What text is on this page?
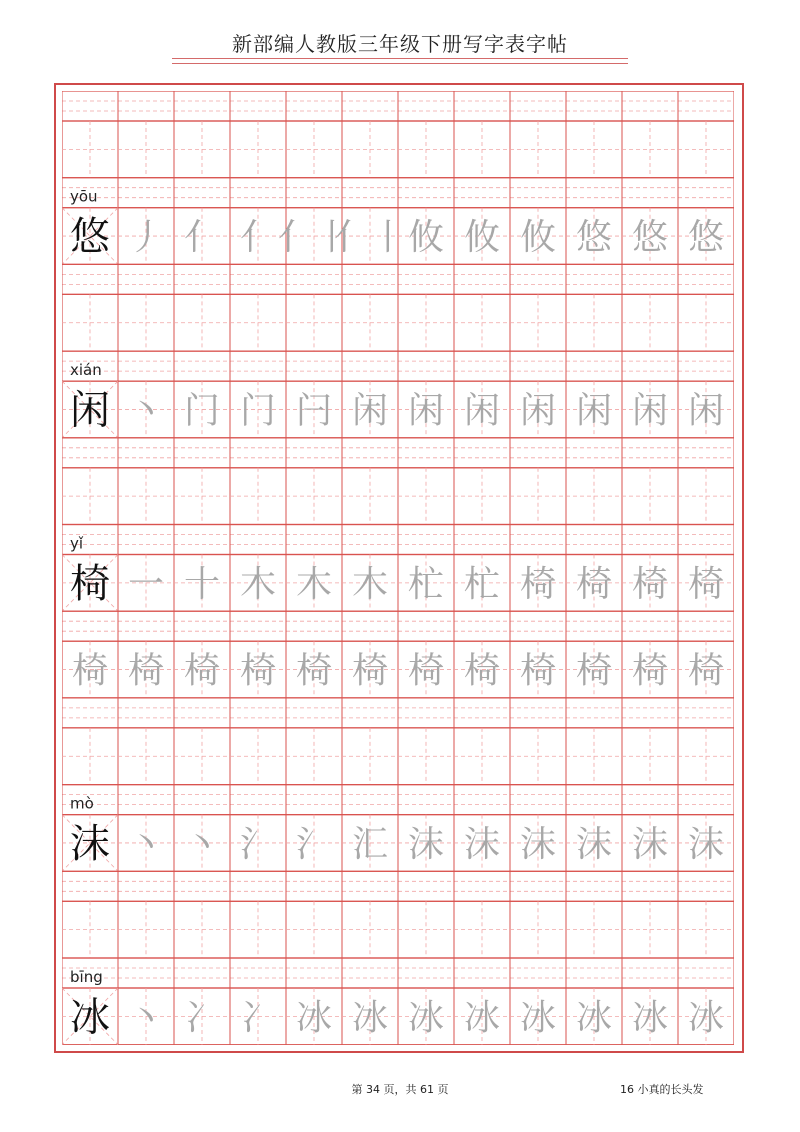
新部编人教版三年级下册写字表字帖
yōu
悠 丿 亻 亻 亻丨
亻丨 攸 攸 攸 悠 悠 悠
xián
闲 丶 门 门 闩 闲 闲 闲 闲 闲 闲 闲
yǐ
椅 一 十 木 木 木 杧 杧 椅 椅 椅 椅
椅 椅 椅 椅 椅 椅 椅 椅 椅 椅 椅 椅
mò
沫 丶 丶 氵 氵 汇 沫 沫 沫 沫 沫 沫
bīng
冰 丶 冫 冫 冰 冰 冰 冰 冰 冰 冰 冰
第 34 页，共 61 页	16 小真的长头发
